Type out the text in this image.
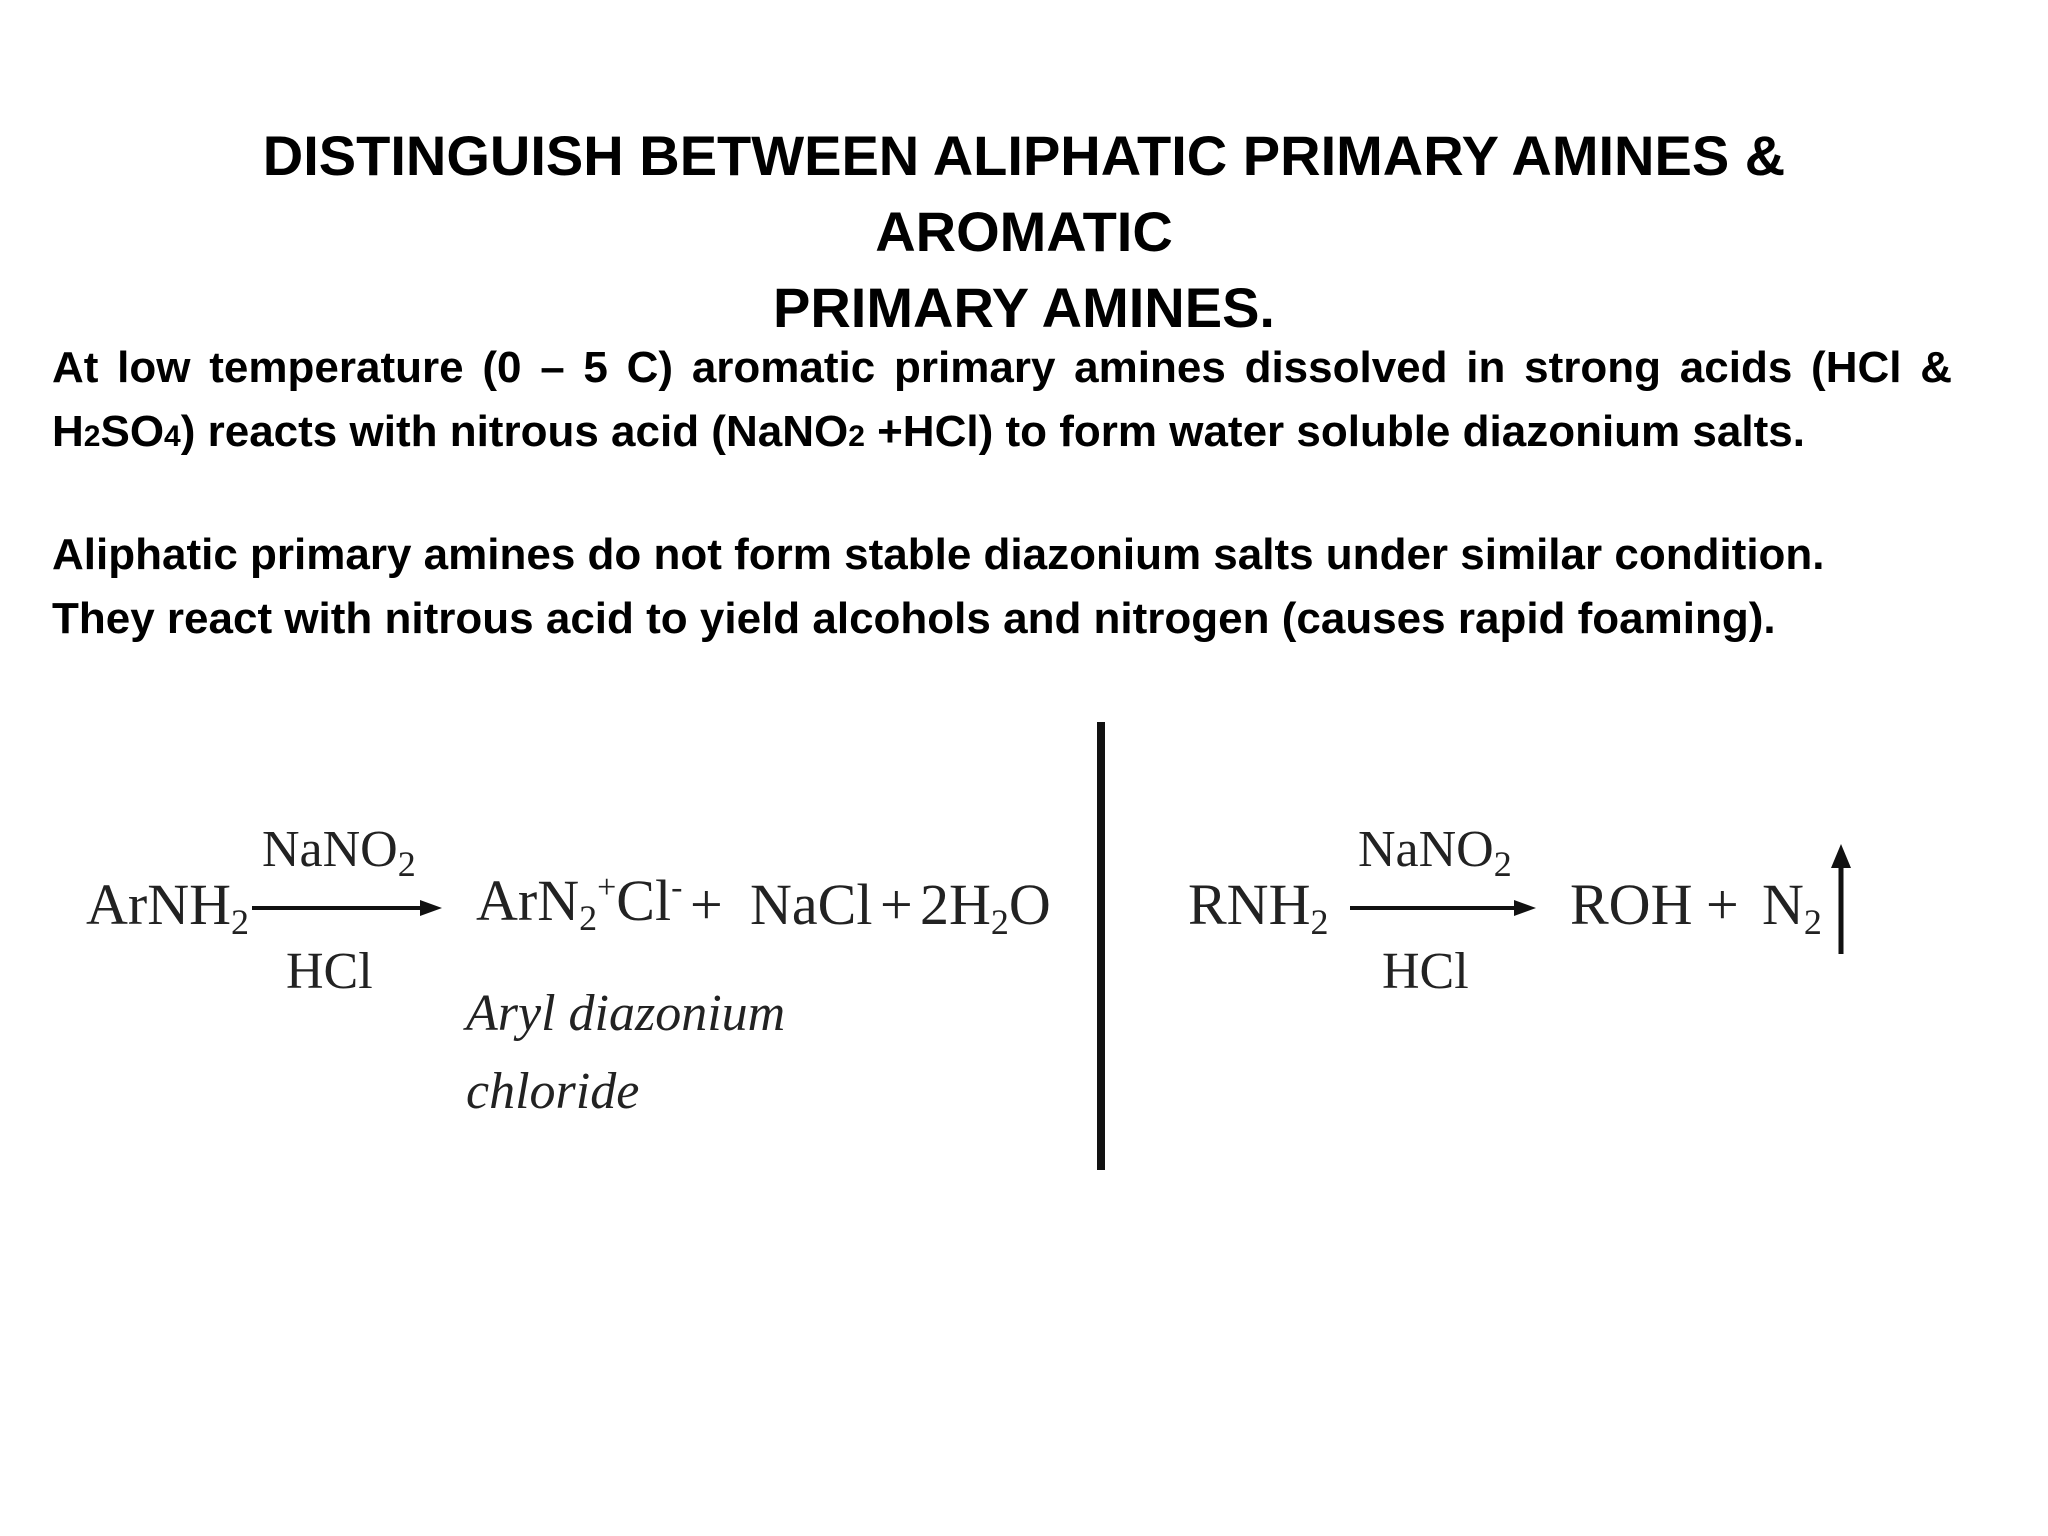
DISTINGUISH BETWEEN ALIPHATIC PRIMARY AMINES & AROMATIC
PRIMARY AMINES.
At low temperature (0 – 5 C) aromatic primary amines dissolved in strong acids (HCl &
H2SO4) reacts with nitrous acid (NaNO2 +HCl) to form water soluble diazonium salts.
Aliphatic primary amines do not form stable diazonium salts under similar condition.
They react with nitrous acid to yield alcohols and nitrogen (causes rapid foaming).
ArNH$_2$
NaNO$_2$
HCl
ArN$_2$+Cl- + NaCl + $2H_2O$
Aryl diazonium
chloride
$RNH_2$
NaNO$_2$
HCl
ROH + $N_2$
